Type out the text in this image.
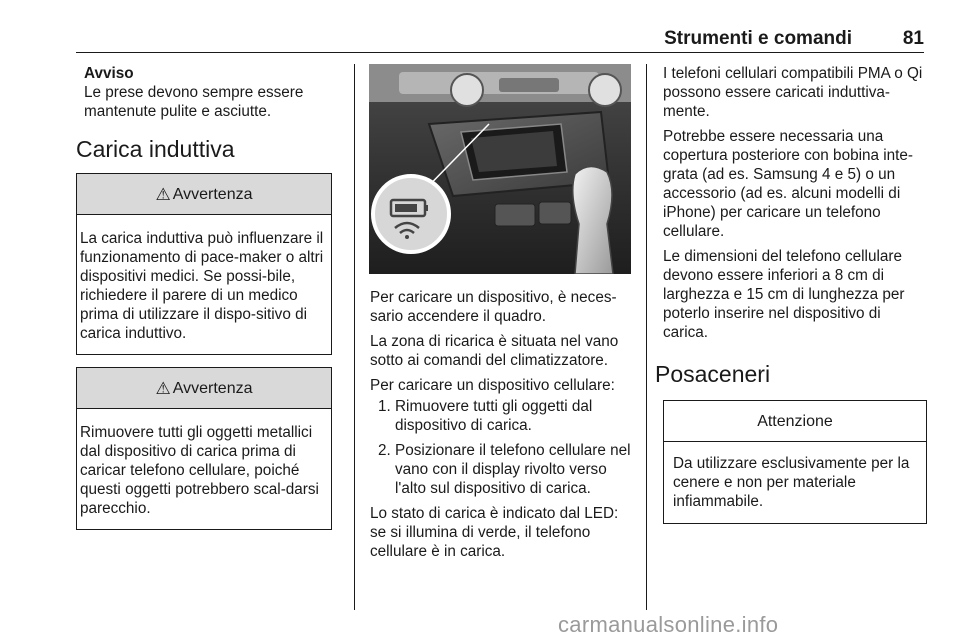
Strumenti e comandi	81

Avviso

Le prese devono sempre essere mantenute pulite e asciutte.

Carica induttiva
⚠ Avvertenza
La carica induttiva può influenzare il funzionamento di pace-maker o altri dispositivi medici. Se possi-bile, richiedere il parere di un medico prima di utilizzare il dispo-sitivo di carica induttivo.
⚠ Avvertenza
Rimuovere tutti gli oggetti metallici dal dispositivo di carica prima di caricar telefono cellulare, poiché questi oggetti potrebbero scal-darsi parecchio.

Per caricare un dispositivo, è neces-sario accendere il quadro.

La zona di ricarica è situata nel vano sotto ai comandi del climatizzatore.

Per caricare un dispositivo cellulare:

1. Rimuovere tutti gli oggetti dal dispositivo di carica.
2. Posizionare il telefono cellulare nel vano con il display rivolto verso l'alto sul dispositivo di carica.

Lo stato di carica è indicato dal LED: se si illumina di verde, il telefono cellulare è in carica.

I telefoni cellulari compatibili PMA o Qi possono essere caricati induttiva-mente.

Potrebbe essere necessaria una copertura posteriore con bobina inte-grata (ad es. Samsung 4 e 5) o un accessorio (ad es. alcuni modelli di iPhone) per caricare un telefono cellulare.

Le dimensioni del telefono cellulare devono essere inferiori a 8 cm di larghezza e 15 cm di lunghezza per poterlo inserire nel dispositivo di carica.

Posaceneri
Attenzione
Da utilizzare esclusivamente per la cenere e non per materiale infiammabile.
carmanualsonline.info
